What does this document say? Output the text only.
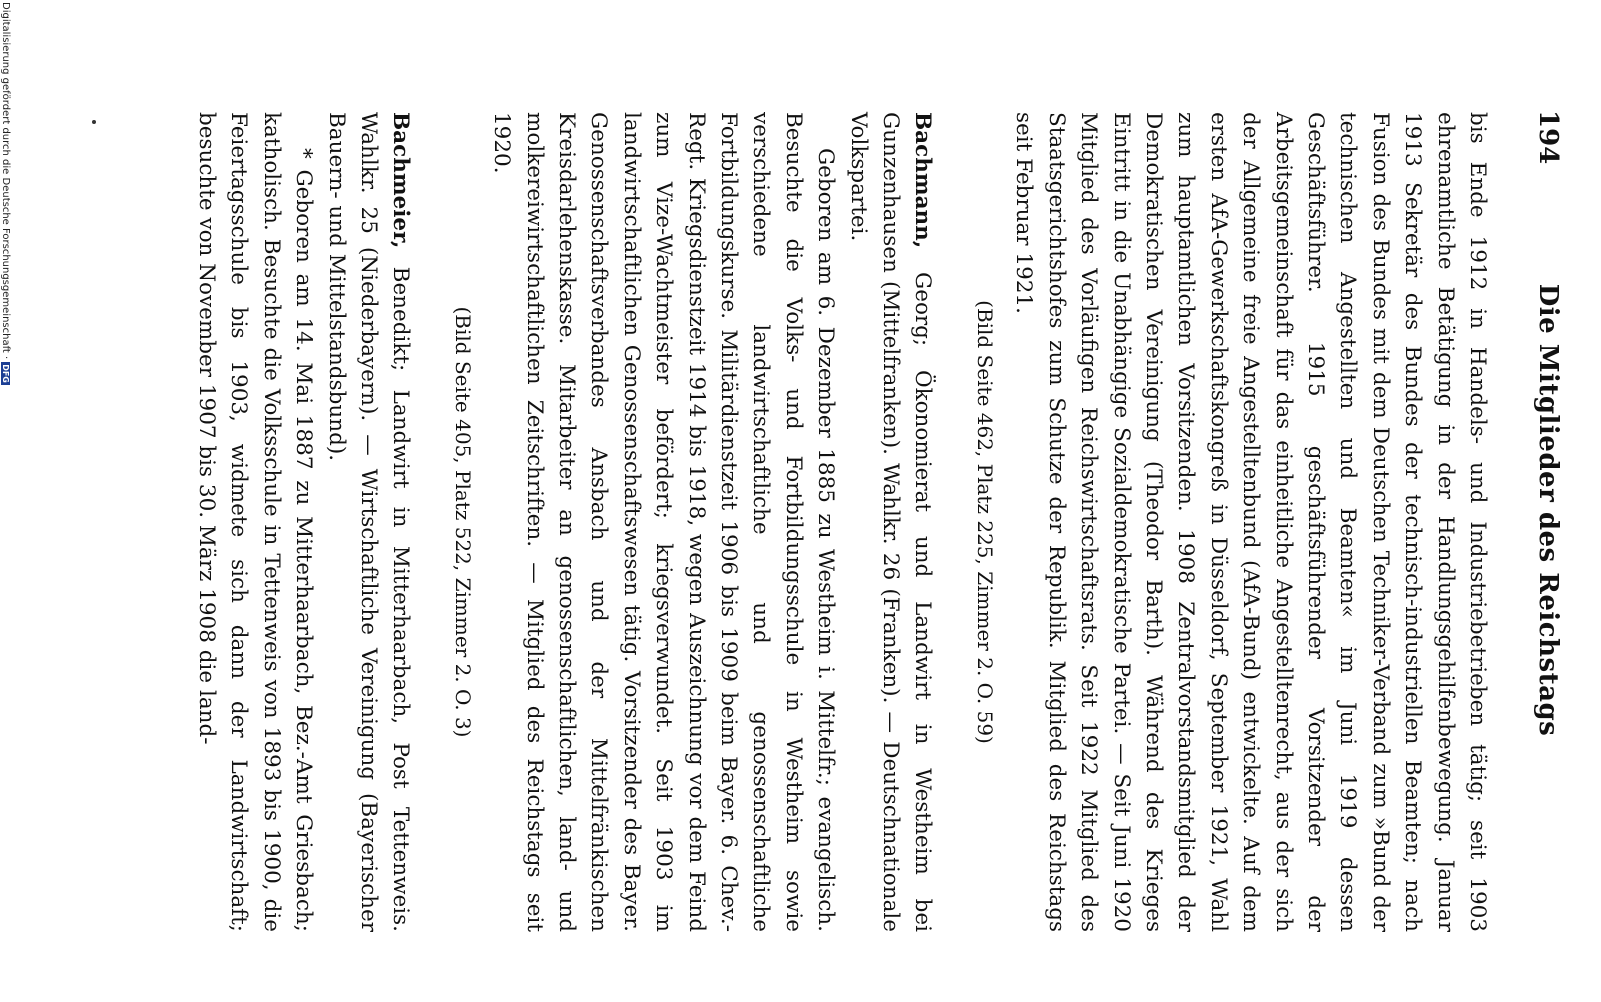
194
Die Mitglieder des Reichstags

bis Ende 1912 in Handels- und Industriebetrieben tätig; seit 1903 ehrenamtliche Betätigung in der Handlungsgehilfenbewegung. Januar 1913 Sekretär des Bundes der technisch-industriellen Beamten; nach Fusion des Bundes mit dem Deutschen Techniker-Verband zum »Bund der technischen Angestellten und Beamten« im Juni 1919 dessen Geschäftsführer. 1915 geschäftsführender Vorsitzender der Arbeitsgemeinschaft für das einheitliche Angestelltenrecht, aus der sich der Allgemeine freie Angestelltenbund (AfA-Bund) entwickelte. Auf dem ersten AfA-Gewerkschaftskongreß in Düsseldorf, September 1921, Wahl zum hauptamtlichen Vorsitzenden. 1908 Zentralvorstandsmitglied der Demokratischen Vereinigung (Theodor Barth). Während des Krieges Eintritt in die Unabhängige Sozialdemokratische Partei. — Seit Juni 1920 Mitglied des Vorläufigen Reichswirtschaftsrats. Seit 1922 Mitglied des Staatsgerichtshofes zum Schutze der Republik. Mitglied des Reichstags seit Februar 1921.

(Bild Seite 462, Platz 225, Zimmer 2. O. 59)

Bachmann, Georg; Ökonomierat und Landwirt in Westheim bei Gunzenhausen (Mittelfranken). Wahlkr. 26 (Franken). — Deutschnationale Volkspartei.

Geboren am 6. Dezember 1885 zu Westheim i. Mittelfr.; evangelisch. Besuchte die Volks- und Fortbildungsschule in Westheim sowie verschiedene landwirtschaftliche und genossenschaftliche Fortbildungskurse. Militärdienstzeit 1906 bis 1909 beim Bayer. 6. Chev.-Regt. Kriegsdienstzeit 1914 bis 1918, wegen Auszeichnung vor dem Feind zum Vize-Wachtmeister befördert; kriegsverwundet. Seit 1903 im landwirtschaftlichen Genossenschaftswesen tätig. Vorsitzender des Bayer. Genossenschaftsverbandes Ansbach und der Mittelfränkischen Kreisdarlehenskasse. Mitarbeiter an genossenschaftlichen, land- und molkereiwirtschaftlichen Zeitschriften. — Mitglied des Reichstags seit 1920.

(Bild Seite 405, Platz 522, Zimmer 2. O. 3)

Bachmeier, Benedikt; Landwirt in Mitterhaarbach, Post Tettenweis. Wahlkr. 25 (Niederbayern). — Wirtschaftliche Vereinigung (Bayerischer Bauern- und Mittelstandsbund).

* Geboren am 14. Mai 1887 zu Mitterhaarbach, Bez.-Amt Griesbach; katholisch. Besuchte die Volksschule in Tettenweis von 1893 bis 1900, die Feiertagsschule bis 1903, widmete sich dann der Landwirtschaft; besuchte von November 1907 bis 30. März 1908 die land-

Digitalisierung gefördert durch die Deutsche Forschungsgemeinschaft ·DFG
